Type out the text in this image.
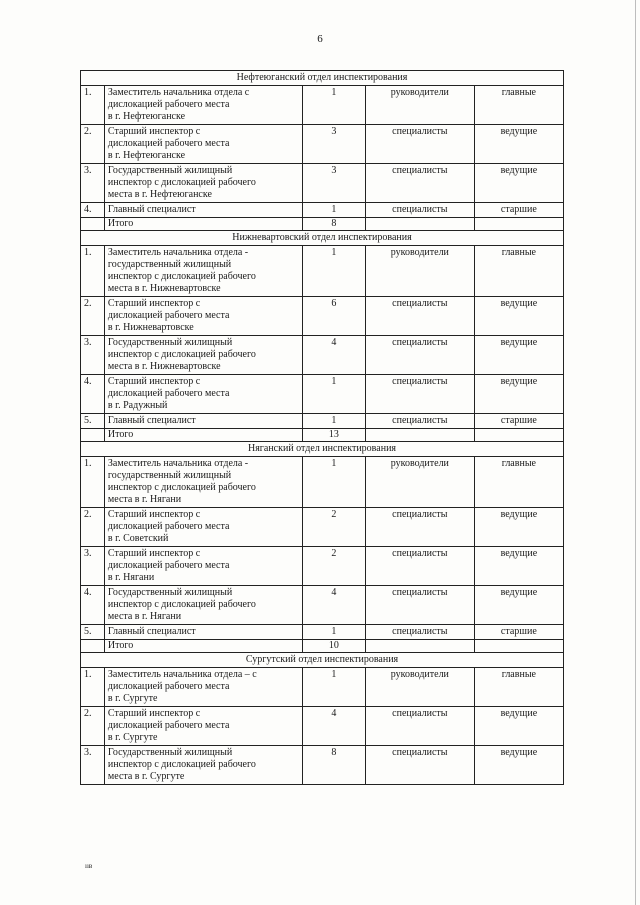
6
Нефтеюганский отдел инспектирования				
1.	Заместитель начальника отдела с
дислокацией рабочего места
в г. Нефтеюганске	1	руководители	главные
2.	Старший инспектор с
дислокацией рабочего места
в г. Нефтеюганске	3	специалисты	ведущие
3.	Государственный жилищный
инспектор с дислокацией рабочего
места в г. Нефтеюганске	3	специалисты	ведущие
4.	Главный специалист	1	специалисты	старшие
	Итого	8		
Нижневартовский отдел инспектирования				
1.	Заместитель начальника отдела -
государственный жилищный
инспектор с дислокацией рабочего
места в г. Нижневартовске	1	руководители	главные
2.	Старший инспектор с
дислокацией рабочего места
в г. Нижневартовске	6	специалисты	ведущие
3.	Государственный жилищный
инспектор с дислокацией рабочего
места в г. Нижневартовске	4	специалисты	ведущие
4.	Старший инспектор с
дислокацией рабочего места
в г. Радужный	1	специалисты	ведущие
5.	Главный специалист	1	специалисты	старшие
	Итого	13		
Няганский отдел инспектирования				
1.	Заместитель начальника отдела -
государственный жилищный
инспектор с дислокацией рабочего
места в г. Нягани	1	руководители	главные
2.	Старший инспектор с
дислокацией рабочего места
в г. Советский	2	специалисты	ведущие
3.	Старший инспектор с
дислокацией рабочего места
в г. Нягани	2	специалисты	ведущие
4.	Государственный жилищный
инспектор с дислокацией рабочего
места в г. Нягани	4	специалисты	ведущие
5.	Главный специалист	1	специалисты	старшие
	Итого	10		
Сургутский отдел инспектирования				
1.	Заместитель начальника отдела – с
дислокацией рабочего места
в г. Сургуте	1	руководители	главные
2.	Старший инспектор с
дислокацией рабочего места
в г. Сургуте	4	специалисты	ведущие
3.	Государственный жилищный
инспектор с дислокацией рабочего
места в г. Сургуте	8	специалисты	ведущие
ııв
